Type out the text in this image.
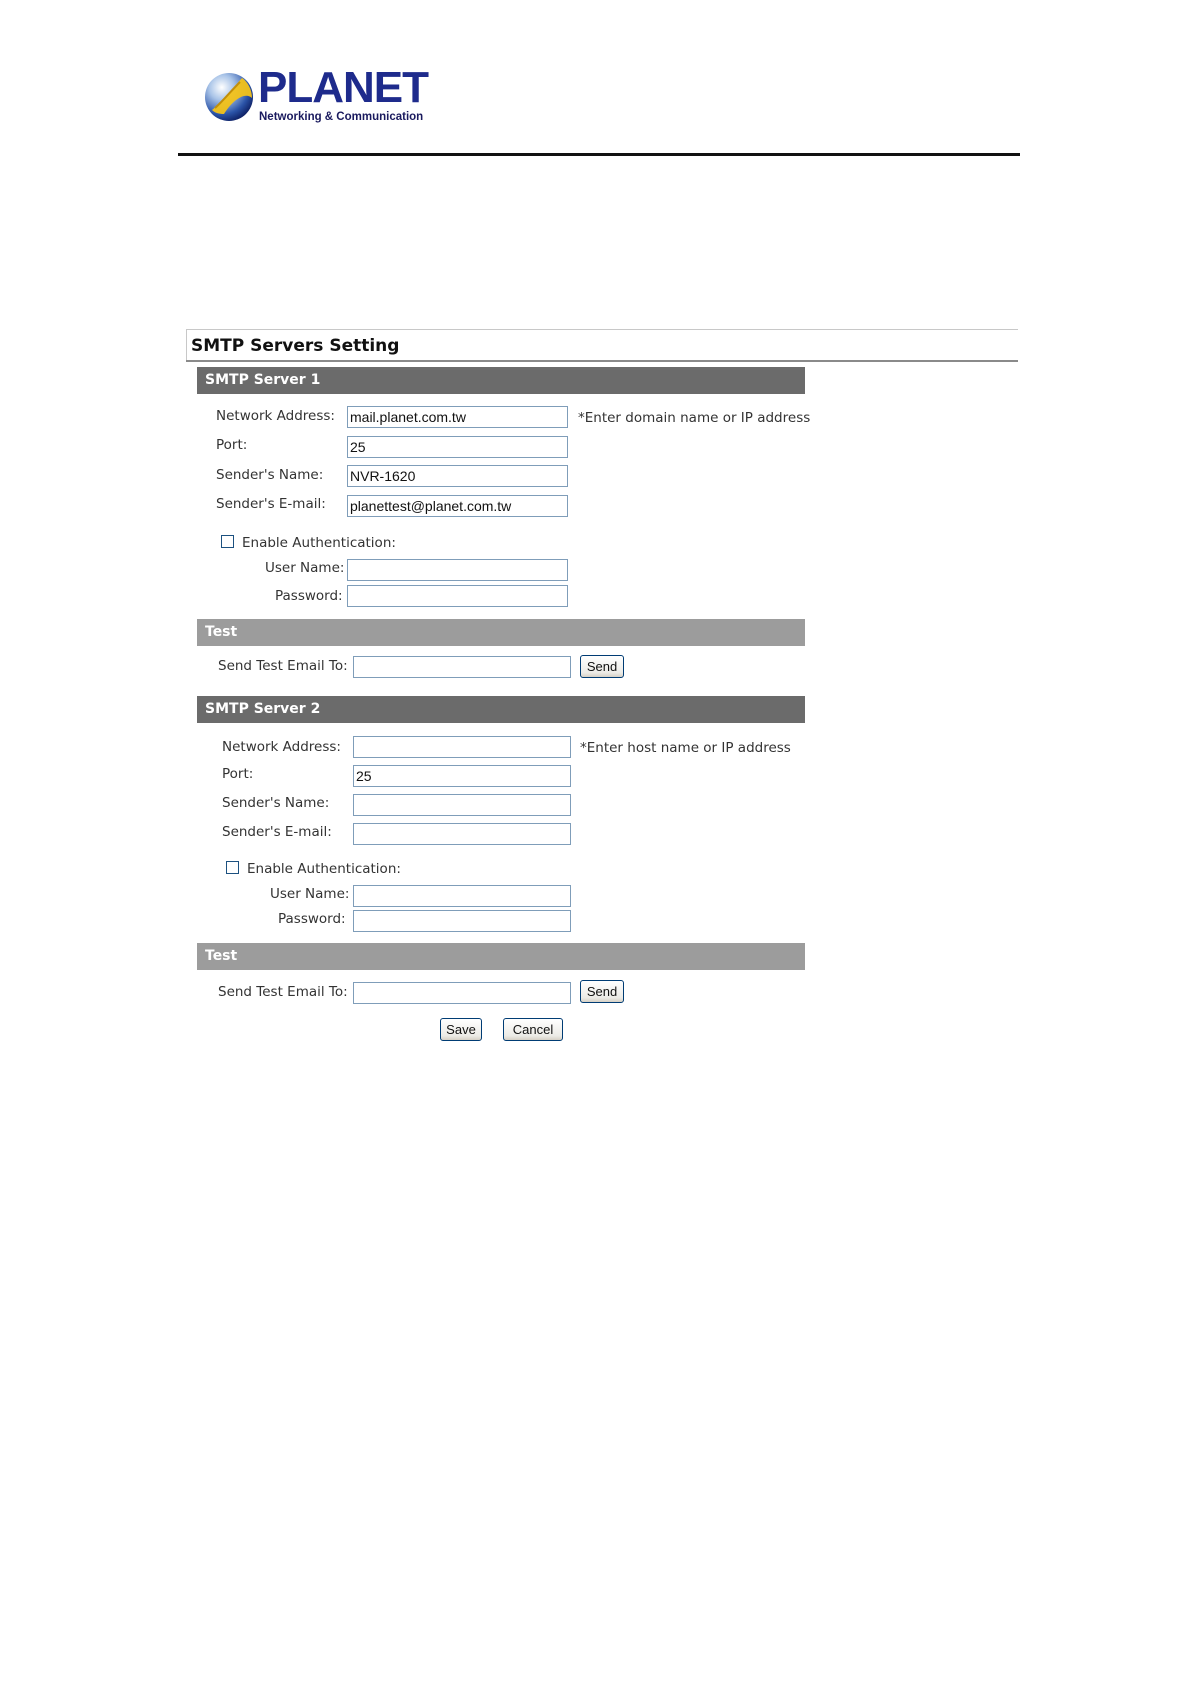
PLANET
Networking & Communication
SMTP Servers Setting
SMTP Server 1
Network Address: mail.planet.com.tw	*Enter domain name or IP address
Port:	25
Sender's Name: NVR-1620
Sender's E-mail: planettest@planet.com.tw
Enable Authentication:
User Name:
Password:
Test
Send Test Email To:	Send
SMTP Server 2
Network Address:	*Enter host name or IP address
Port:	25
Sender's Name:
Sender's E-mail:
Enable Authentication:
User Name:
Password:
Test
Send Test Email To:	Send
Save	Cancel
